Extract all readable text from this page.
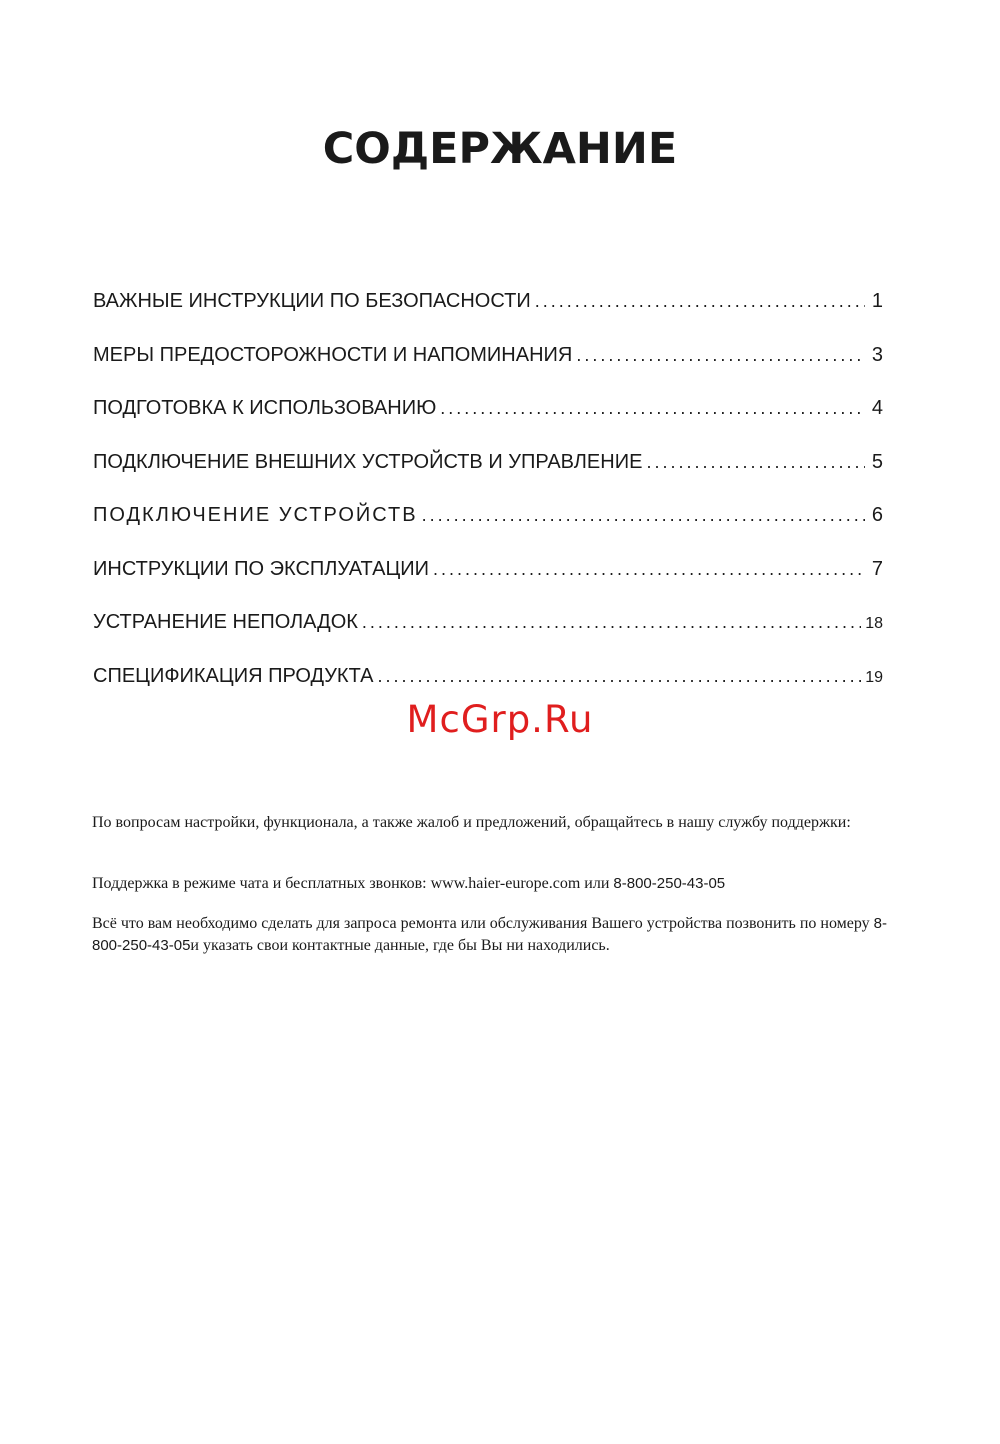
СОДЕРЖАНИЕ
ВАЖНЫЕ ИНСТРУКЦИИ ПО БЕЗОПАСНОСТИ . . .	1
МЕРЫ ПРЕДОСТОРОЖНОСТИ И НАПОМИНАНИЯ . . .	3
ПОДГОТОВКА К ИСПОЛЬЗОВАНИЮ . . .	4
ПОДКЛЮЧЕНИЕ ВНЕШНИХ УСТРОЙСТВ И УПРАВЛЕНИЕ . . .	5
ПОДКЛЮЧЕНИЕ УСТРОЙСТВ . . .	6
ИНСТРУКЦИИ ПО ЭКСПЛУАТАЦИИ . . .	7
УСТРАНЕНИЕ НЕПОЛАДОК . . .	18
СПЕЦИФИКАЦИЯ ПРОДУКТА . . .	19
McGrp.Ru
По вопросам настройки, функционала, а также жалоб и предложений, обращайтесь в нашу службу поддержки:
Поддержка в режиме чата и бесплатных звонков: www.haier-europe.com или 8-800-250-43-05
Всё что вам необходимо сделать для запроса ремонта или обслуживания Вашего устройства позвонить по номеру 8-800-250-43-05и указать свои контактные данные, где бы Вы ни находились.
